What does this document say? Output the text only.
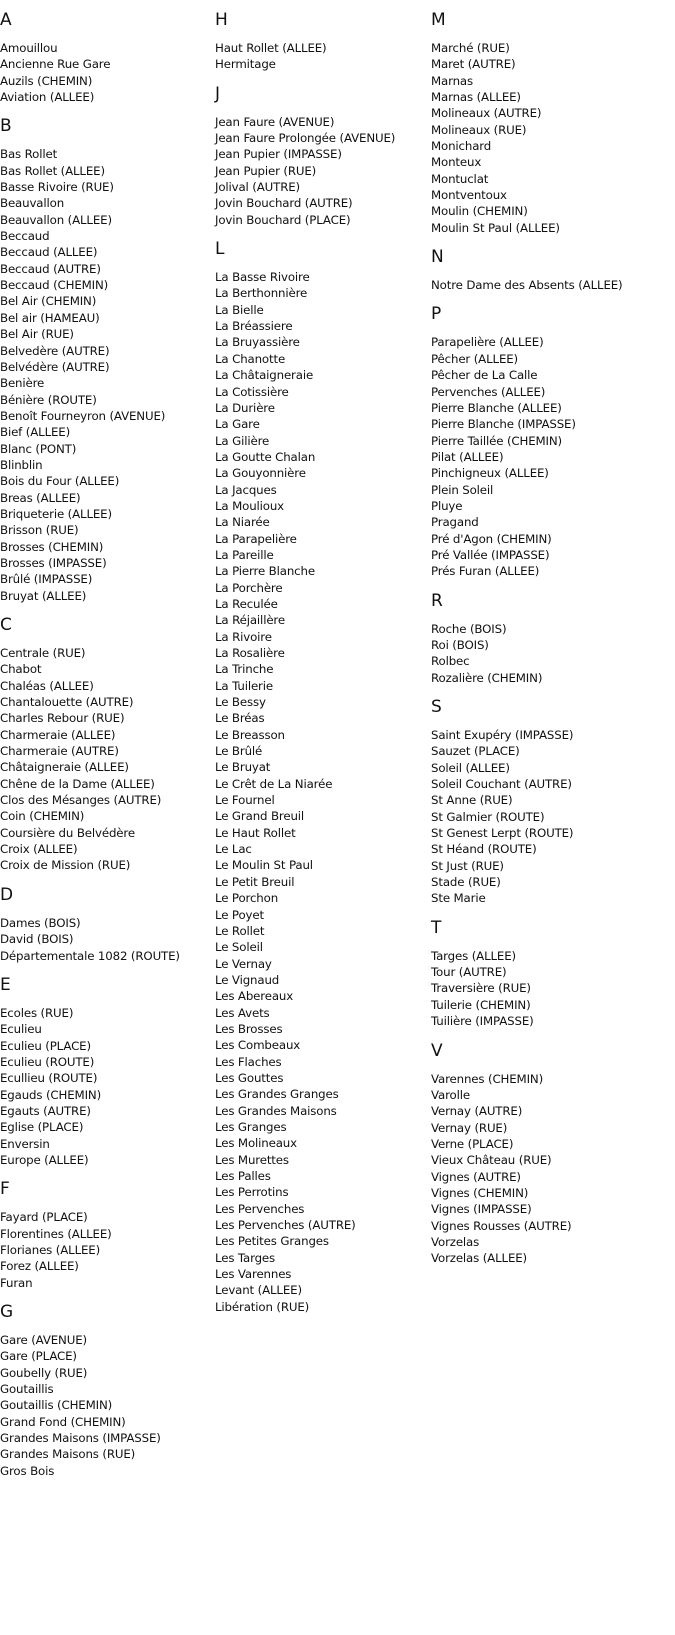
A
Amouillou
Ancienne Rue Gare
Auzils (CHEMIN)
Aviation (ALLEE)
B
Bas Rollet
Bas Rollet (ALLEE)
Basse Rivoire (RUE)
Beauvallon
Beauvallon (ALLEE)
Beccaud
Beccaud (ALLEE)
Beccaud (AUTRE)
Beccaud (CHEMIN)
Bel Air (CHEMIN)
Bel air (HAMEAU)
Bel Air (RUE)
Belvedère (AUTRE)
Belvédère (AUTRE)
Benière
Bénière (ROUTE)
Benoît Fourneyron (AVENUE)
Bief (ALLEE)
Blanc (PONT)
Blinblin
Bois du Four (ALLEE)
Breas (ALLEE)
Briqueterie (ALLEE)
Brisson (RUE)
Brosses (CHEMIN)
Brosses (IMPASSE)
Brûlé (IMPASSE)
Bruyat (ALLEE)
C
Centrale (RUE)
Chabot
Chaléas (ALLEE)
Chantalouette (AUTRE)
Charles Rebour (RUE)
Charmeraie (ALLEE)
Charmeraie (AUTRE)
Châtaigneraie (ALLEE)
Chêne de la Dame (ALLEE)
Clos des Mésanges (AUTRE)
Coin (CHEMIN)
Coursière du Belvédère
Croix (ALLEE)
Croix de Mission (RUE)
D
Dames (BOIS)
David (BOIS)
Départementale 1082 (ROUTE)
E
Ecoles (RUE)
Eculieu
Eculieu (PLACE)
Eculieu (ROUTE)
Ecullieu (ROUTE)
Egauds (CHEMIN)
Egauts (AUTRE)
Eglise (PLACE)
Enversin
Europe (ALLEE)
F
Fayard (PLACE)
Florentines (ALLEE)
Florianes (ALLEE)
Forez (ALLEE)
Furan
G
Gare (AVENUE)
Gare (PLACE)
Goubelly (RUE)
Goutaillis
Goutaillis (CHEMIN)
Grand Fond (CHEMIN)
Grandes Maisons (IMPASSE)
Grandes Maisons (RUE)
Gros Bois
H
Haut Rollet (ALLEE)
Hermitage
J
Jean Faure (AVENUE)
Jean Faure Prolongée (AVENUE)
Jean Pupier (IMPASSE)
Jean Pupier (RUE)
Jolival (AUTRE)
Jovin Bouchard (AUTRE)
Jovin Bouchard (PLACE)
L
La Basse Rivoire
La Berthonnière
La Bielle
La Bréassiere
La Bruyassière
La Chanotte
La Châtaigneraie
La Cotissière
La Durière
La Gare
La Gilière
La Goutte Chalan
La Gouyonnière
La Jacques
La Moulioux
La Niarée
La Parapelière
La Pareille
La Pierre Blanche
La Porchère
La Reculée
La Réjaillère
La Rivoire
La Rosalière
La Trinche
La Tuilerie
Le Bessy
Le Bréas
Le Breasson
Le Brûlé
Le Bruyat
Le Crêt de La Niarée
Le Fournel
Le Grand Breuil
Le Haut Rollet
Le Lac
Le Moulin St Paul
Le Petit Breuil
Le Porchon
Le Poyet
Le Rollet
Le Soleil
Le Vernay
Le Vignaud
Les Abereaux
Les Avets
Les Brosses
Les Combeaux
Les Flaches
Les Gouttes
Les Grandes Granges
Les Grandes Maisons
Les Granges
Les Molineaux
Les Murettes
Les Palles
Les Perrotins
Les Pervenches
Les Pervenches (AUTRE)
Les Petites Granges
Les Targes
Les Varennes
Levant (ALLEE)
Libération (RUE)
M
Marché (RUE)
Maret (AUTRE)
Marnas
Marnas (ALLEE)
Molineaux (AUTRE)
Molineaux (RUE)
Monichard
Monteux
Montuclat
Montventoux
Moulin (CHEMIN)
Moulin St Paul (ALLEE)
N
Notre Dame des Absents (ALLEE)
P
Parapelière (ALLEE)
Pêcher (ALLEE)
Pêcher de La Calle
Pervenches (ALLEE)
Pierre Blanche (ALLEE)
Pierre Blanche (IMPASSE)
Pierre Taillée (CHEMIN)
Pilat (ALLEE)
Pinchigneux (ALLEE)
Plein Soleil
Pluye
Pragand
Pré d'Agon (CHEMIN)
Pré Vallée (IMPASSE)
Prés Furan (ALLEE)
R
Roche (BOIS)
Roi (BOIS)
Rolbec
Rozalière (CHEMIN)
S
Saint Exupéry (IMPASSE)
Sauzet (PLACE)
Soleil (ALLEE)
Soleil Couchant (AUTRE)
St Anne (RUE)
St Galmier (ROUTE)
St Genest Lerpt (ROUTE)
St Héand (ROUTE)
St Just (RUE)
Stade (RUE)
Ste Marie
T
Targes (ALLEE)
Tour (AUTRE)
Traversière (RUE)
Tuilerie (CHEMIN)
Tuilière (IMPASSE)
V
Varennes (CHEMIN)
Varolle
Vernay (AUTRE)
Vernay (RUE)
Verne (PLACE)
Vieux Château (RUE)
Vignes (AUTRE)
Vignes (CHEMIN)
Vignes (IMPASSE)
Vignes Rousses (AUTRE)
Vorzelas
Vorzelas (ALLEE)
